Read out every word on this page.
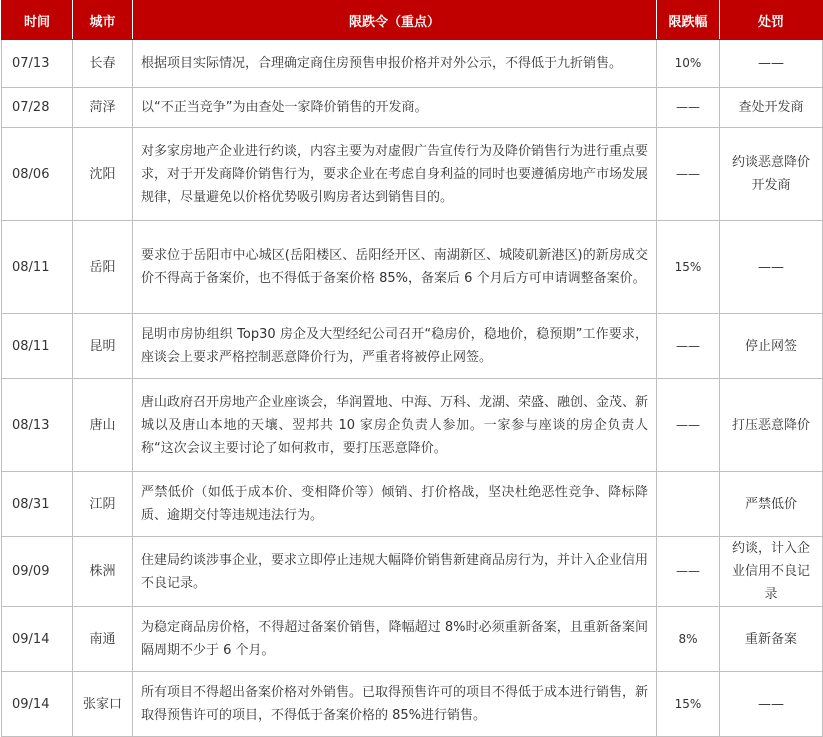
时间	城市	限跌令（重点）	限跌幅	处罚
07/13	长春	根据项目实际情况，合理确定商住房预售申报价格并对外公示，不得低于九折销售。	10%	——
07/28	菏泽	以“不正当竞争”为由查处一家降价销售的开发商。	——	查处开发商
08/06	沈阳	对多家房地产企业进行约谈，内容主要为对虚假广告宣传行为及降价销售行为进行重点要求，对于开发商降价销售行为，要求企业在考虑自身利益的同时也要遵循房地产市场发展规律，尽量避免以价格优势吸引购房者达到销售目的。	——	约谈恶意降价开发商
08/11	岳阳	要求位于岳阳市中心城区(岳阳楼区、岳阳经开区、南湖新区、城陵矶新港区)的新房成交价不得高于备案价，也不得低于备案价格 85%，备案后 6 个月后方可申请调整备案价。	15%	——
08/11	昆明	昆明市房协组织 Top30 房企及大型经纪公司召开“稳房价，稳地价，稳预期”工作要求，座谈会上要求严格控制恶意降价行为，严重者将被停止网签。	——	停止网签
08/13	唐山	唐山政府召开房地产企业座谈会，华润置地、中海、万科、龙湖、荣盛、融创、金茂、新城以及唐山本地的天壤、翌邦共 10 家房企负责人参加。一家参与座谈的房企负责人称“这次会议主要讨论了如何救市，要打压恶意降价。	——	打压恶意降价
08/31	江阴	严禁低价（如低于成本价、变相降价等）倾销、打价格战，坚决杜绝恶性竞争、降标降质、逾期交付等违规违法行为。		严禁低价
09/09	株洲	住建局约谈涉事企业，要求立即停止违规大幅降价销售新建商品房行为，并计入企业信用不良记录。	——	约谈，计入企业信用不良记录
09/14	南通	为稳定商品房价格，不得超过备案价销售，降幅超过 8%时必须重新备案，且重新备案间隔周期不少于 6 个月。	8%	重新备案
09/14	张家口	所有项目不得超出备案价格对外销售。已取得预售许可的项目不得低于成本进行销售，新取得预售许可的项目，不得低于备案价格的 85%进行销售。	15%	——
